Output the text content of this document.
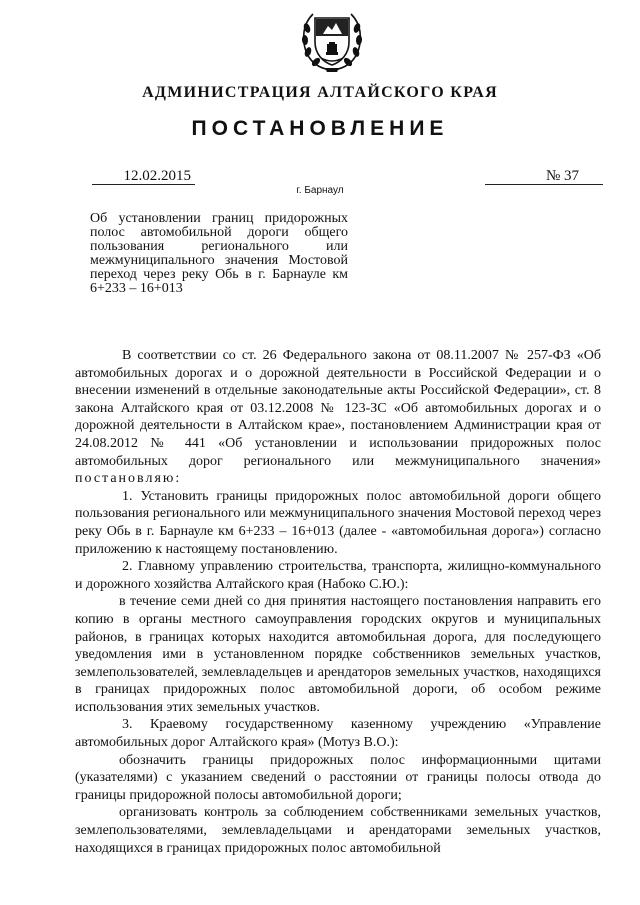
АДМИНИСТРАЦИЯ АЛТАЙСКОГО КРАЯ
ПОСТАНОВЛЕНИЕ
12.02.2015
г. Барнаул
№ 37
Об установлении границ придорожных полос автомобильной дороги общего пользования регионального или межмуниципального значения Мостовой переход через реку Обь в г. Барнауле км 6+233 – 16+013

В соответствии со ст. 26 Федерального закона от 08.11.2007 № 257-ФЗ «Об автомобильных дорогах и о дорожной деятельности в Российской Федерации и о внесении изменений в отдельные законодательные акты Российской Федерации», ст. 8 закона Алтайского края от 03.12.2008 № 123-ЗС «Об автомобильных дорогах и о дорожной деятельности в Алтайском крае», постановлением Администрации края от 24.08.2012 № 441 «Об установлении и использовании придорожных полос автомобильных дорог регионального или межмуниципального значения» постановляю:

1. Установить границы придорожных полос автомобильной дороги общего пользования регионального или межмуниципального значения Мостовой переход через реку Обь в г. Барнауле км 6+233 – 16+013 (далее - «автомобильная дорога») согласно приложению к настоящему постановлению.

2. Главному управлению строительства, транспорта, жилищно-коммунального и дорожного хозяйства Алтайского края (Набоко С.Ю.):

в течение семи дней со дня принятия настоящего постановления направить его копию в органы местного самоуправления городских округов и муниципальных районов, в границах которых находится автомобильная дорога, для последующего уведомления ими в установленном порядке собственников земельных участков, землепользователей, землевладельцев и арендаторов земельных участков, находящихся в границах придорожных полос автомобильной дороги, об особом режиме использования этих земельных участков.

3. Краевому государственному казенному учреждению «Управление автомобильных дорог Алтайского края» (Мотуз В.О.):

обозначить границы придорожных полос информационными щитами (указателями) с указанием сведений о расстоянии от границы полосы отвода до границы придорожной полосы автомобильной дороги;

организовать контроль за соблюдением собственниками земельных участков, землепользователями, землевладельцами и арендаторами земельных участков, находящихся в границах придорожных полос автомобильной
